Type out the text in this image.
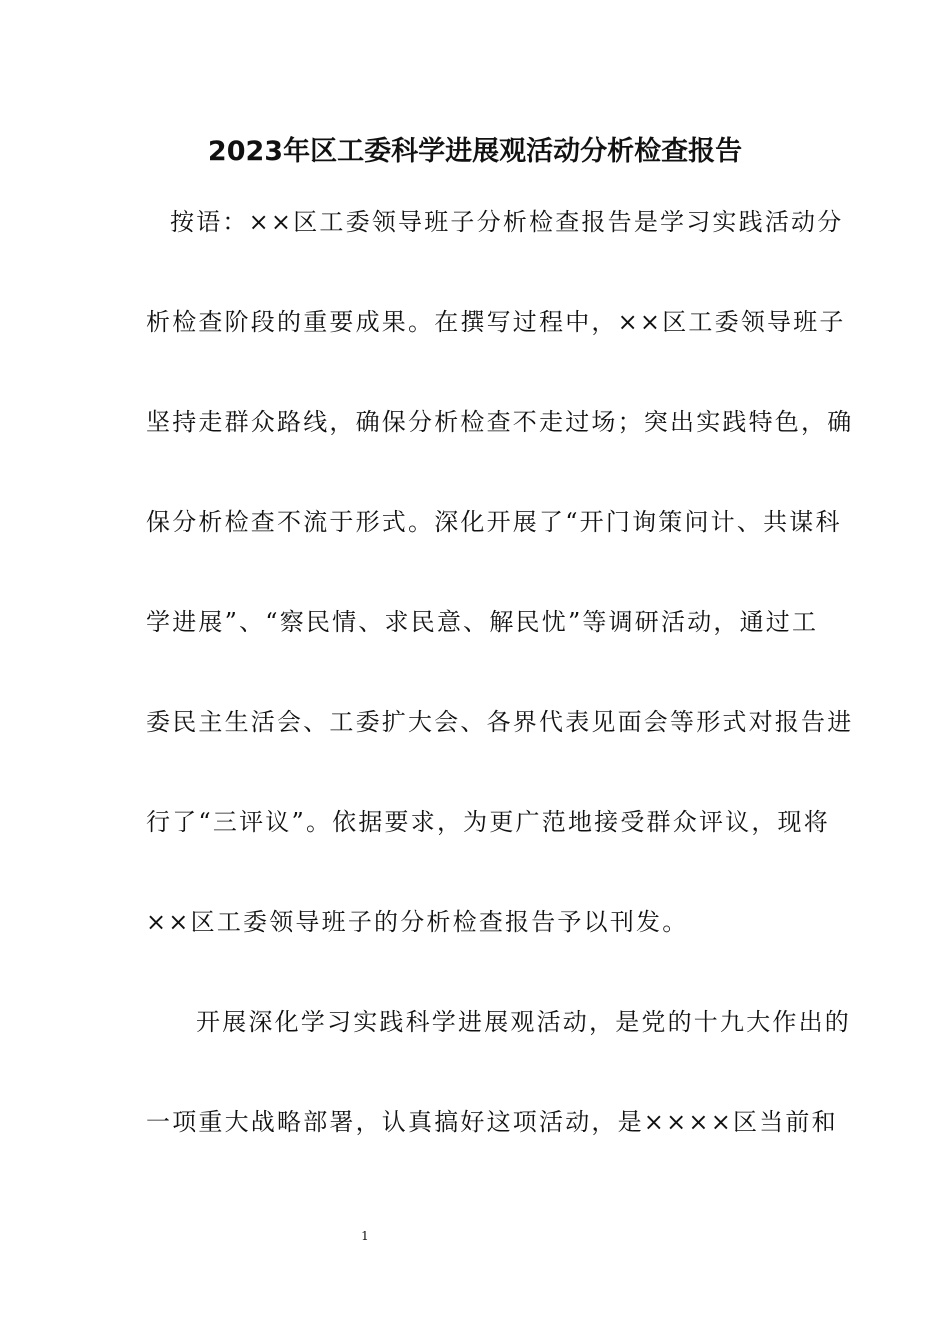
2023年区工委科学进展观活动分析检查报告
按语：××区工委领导班子分析检查报告是学习实践活动分
析检查阶段的重要成果。在撰写过程中，××区工委领导班子
坚持走群众路线，确保分析检查不走过场；突出实践特色，确
保分析检查不流于形式。深化开展了“开门询策问计、共谋科
学进展”、“察民情、求民意、解民忧”等调研活动，通过工
委民主生活会、工委扩大会、各界代表见面会等形式对报告进
行了“三评议”。依据要求，为更广范地接受群众评议，现将
××区工委领导班子的分析检查报告予以刊发。
开展深化学习实践科学进展观活动，是党的十九大作出的
一项重大战略部署，认真搞好这项活动，是××××区当前和
1
